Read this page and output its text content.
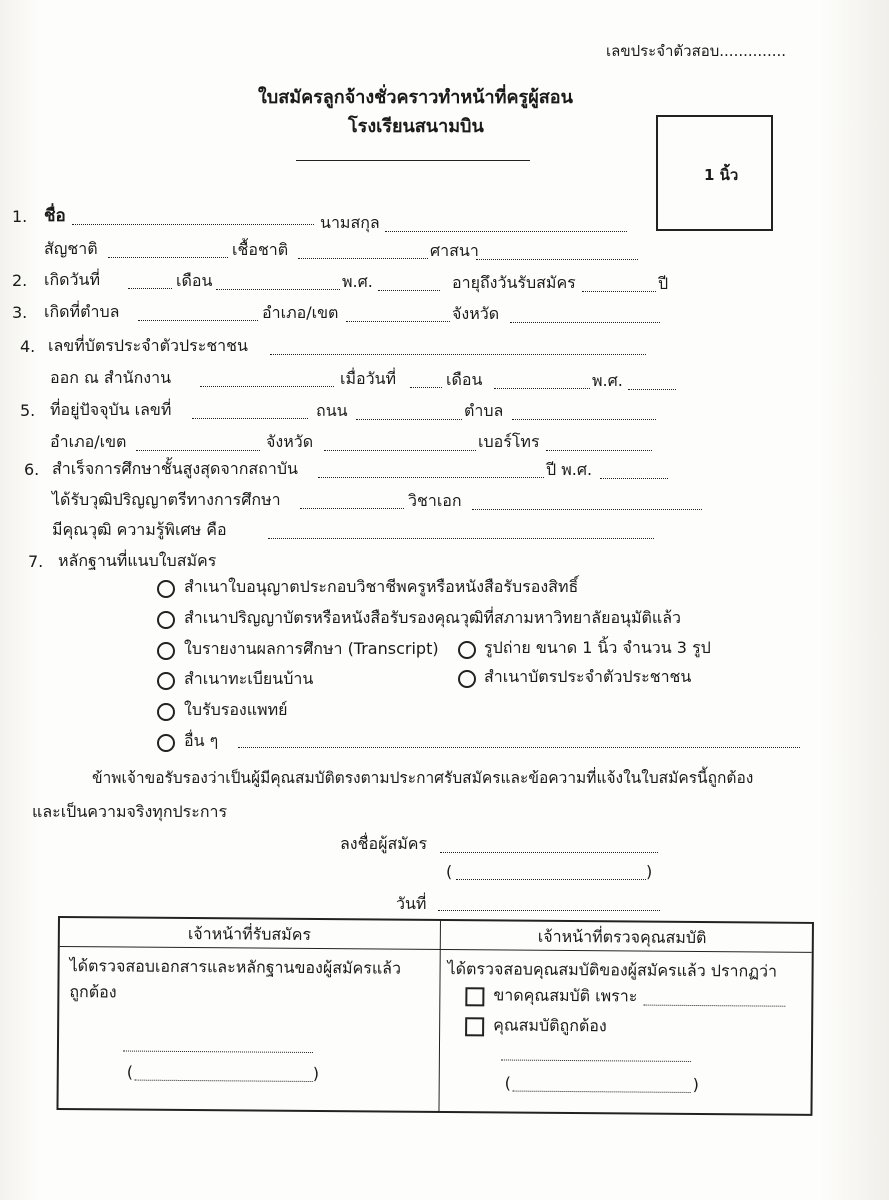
เลขประจำตัวสอบ..............
ใบสมัครลูกจ้างชั่วคราวทำหน้าที่ครูผู้สอน
โรงเรียนสนามบิน
1 นิ้ว
1. ชื่อ	นามสกุล
สัญชาติ	เชื้อชาติ	ศาสนา
2. เกิดวันที่	เดือน	พ.ศ.	อายุถึงวันรับสมัคร	ปี
3. เกิดที่ตำบล	อำเภอ/เขต	จังหวัด
4. เลขที่บัตรประจำตัวประชาชน
ออก ณ สำนักงาน	เมื่อวันที่	เดือน	พ.ศ.
5. ที่อยู่ปัจจุบัน เลขที่	ถนน	ตำบล
อำเภอ/เขต	จังหวัด	เบอร์โทร
6. สำเร็จการศึกษาชั้นสูงสุดจากสถาบัน	ปี พ.ศ.
ได้รับวุฒิปริญญาตรีทางการศึกษา	วิชาเอก
มีคุณวุฒิ ความรู้พิเศษ คือ
7. หลักฐานที่แนบใบสมัคร
สำเนาใบอนุญาตประกอบวิชาชีพครูหรือหนังสือรับรองสิทธิ์
สำเนาปริญญาบัตรหรือหนังสือรับรองคุณวุฒิที่สภามหาวิทยาลัยอนุมัติแล้ว
ใบรายงานผลการศึกษา (Transcript)	รูปถ่าย ขนาด 1 นิ้ว จำนวน 3 รูป
สำเนาทะเบียนบ้าน	สำเนาบัตรประจำตัวประชาชน
ใบรับรองแพทย์
อื่น ๆ
ข้าพเจ้าขอรับรองว่าเป็นผู้มีคุณสมบัติตรงตามประกาศรับสมัครและข้อความที่แจ้งในใบสมัครนี้ถูกต้อง
และเป็นความจริงทุกประการ
ลงชื่อผู้สมัคร
(	)
วันที่
เจ้าหน้าที่รับสมัคร	เจ้าหน้าที่ตรวจคุณสมบัติ
ได้ตรวจสอบเอกสารและหลักฐานของผู้สมัครแล้ว
ถูกต้อง
(	)
ได้ตรวจสอบคุณสมบัติของผู้สมัครแล้ว ปรากฏว่า
ขาดคุณสมบัติ เพราะ
คุณสมบัติถูกต้อง
(	)
